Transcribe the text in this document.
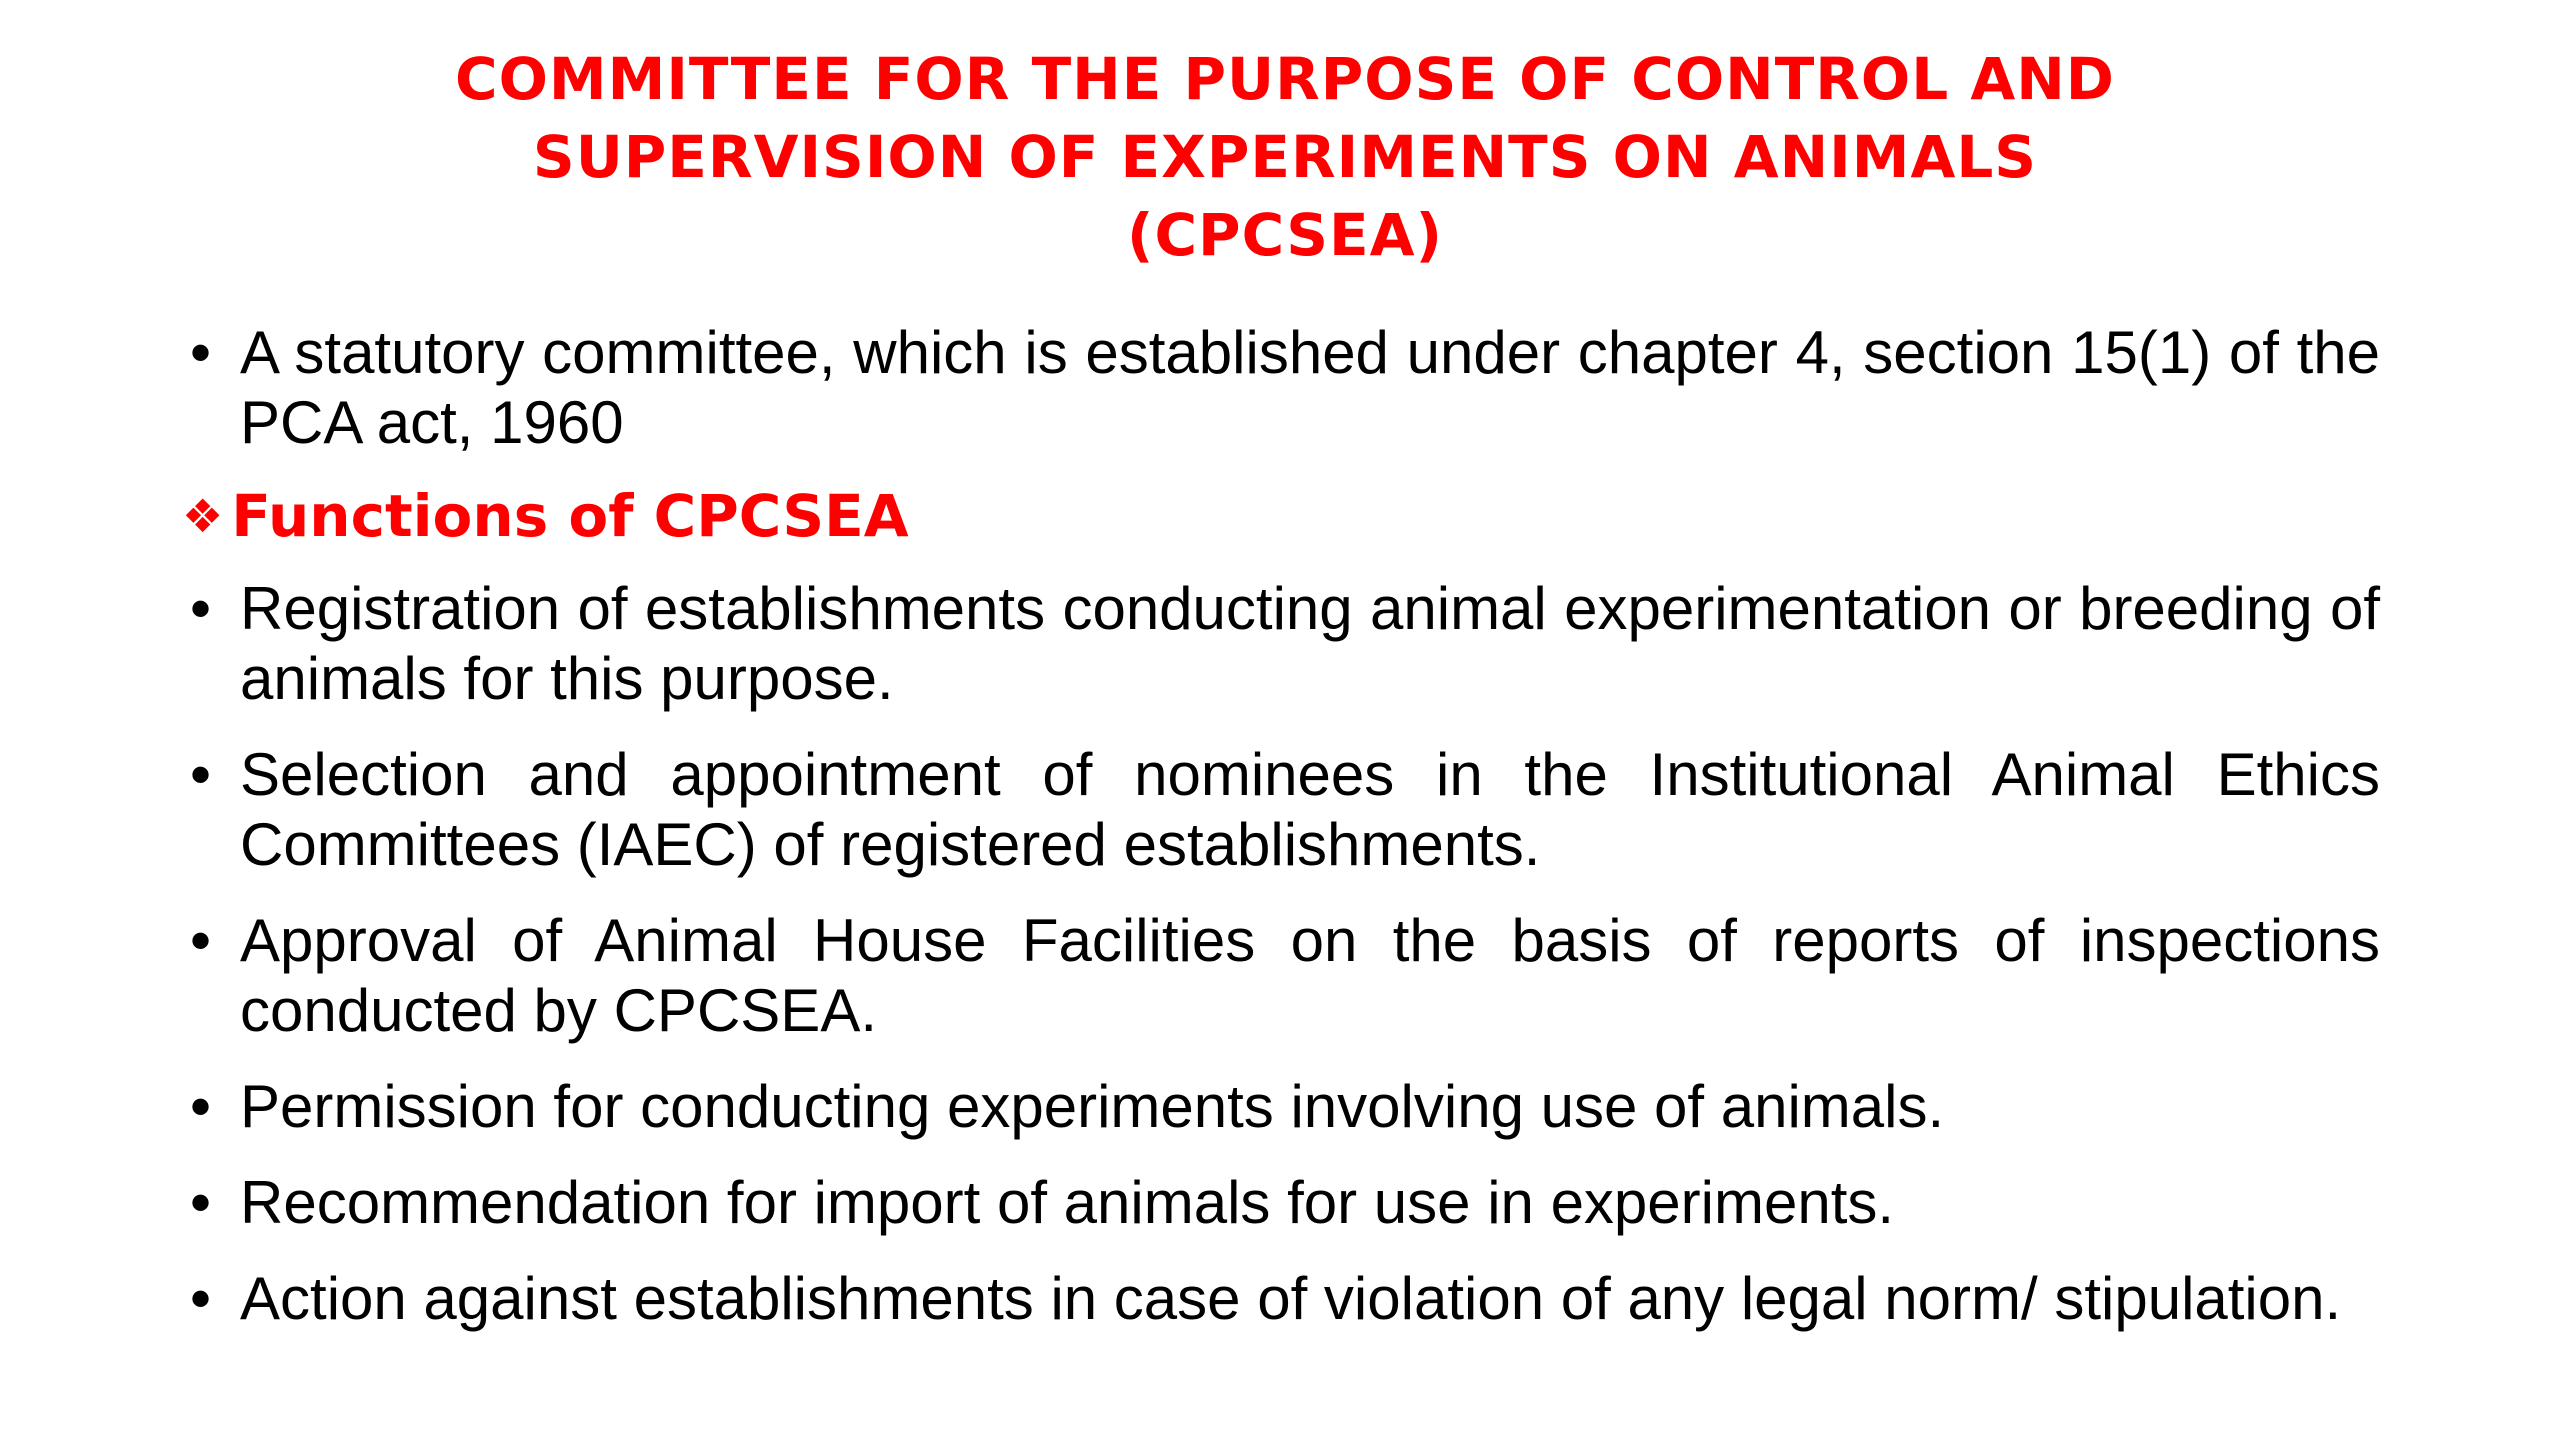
COMMITTEE FOR THE PURPOSE OF CONTROL AND
SUPERVISION OF EXPERIMENTS ON ANIMALS
(CPCSEA)
• A statutory committee, which is established under chapter 4, section 15(1) of the PCA act, 1960
❖ Functions of CPCSEA
• Registration of establishments conducting animal experimentation or breeding of animals for this purpose.
• Selection and appointment of nominees in the Institutional Animal Ethics Committees (IAEC) of registered establishments.
• Approval of Animal House Facilities on the basis of reports of inspections conducted by CPCSEA.
• Permission for conducting experiments involving use of animals.
• Recommendation for import of animals for use in experiments.
• Action against establishments in case of violation of any legal norm/ stipulation.
